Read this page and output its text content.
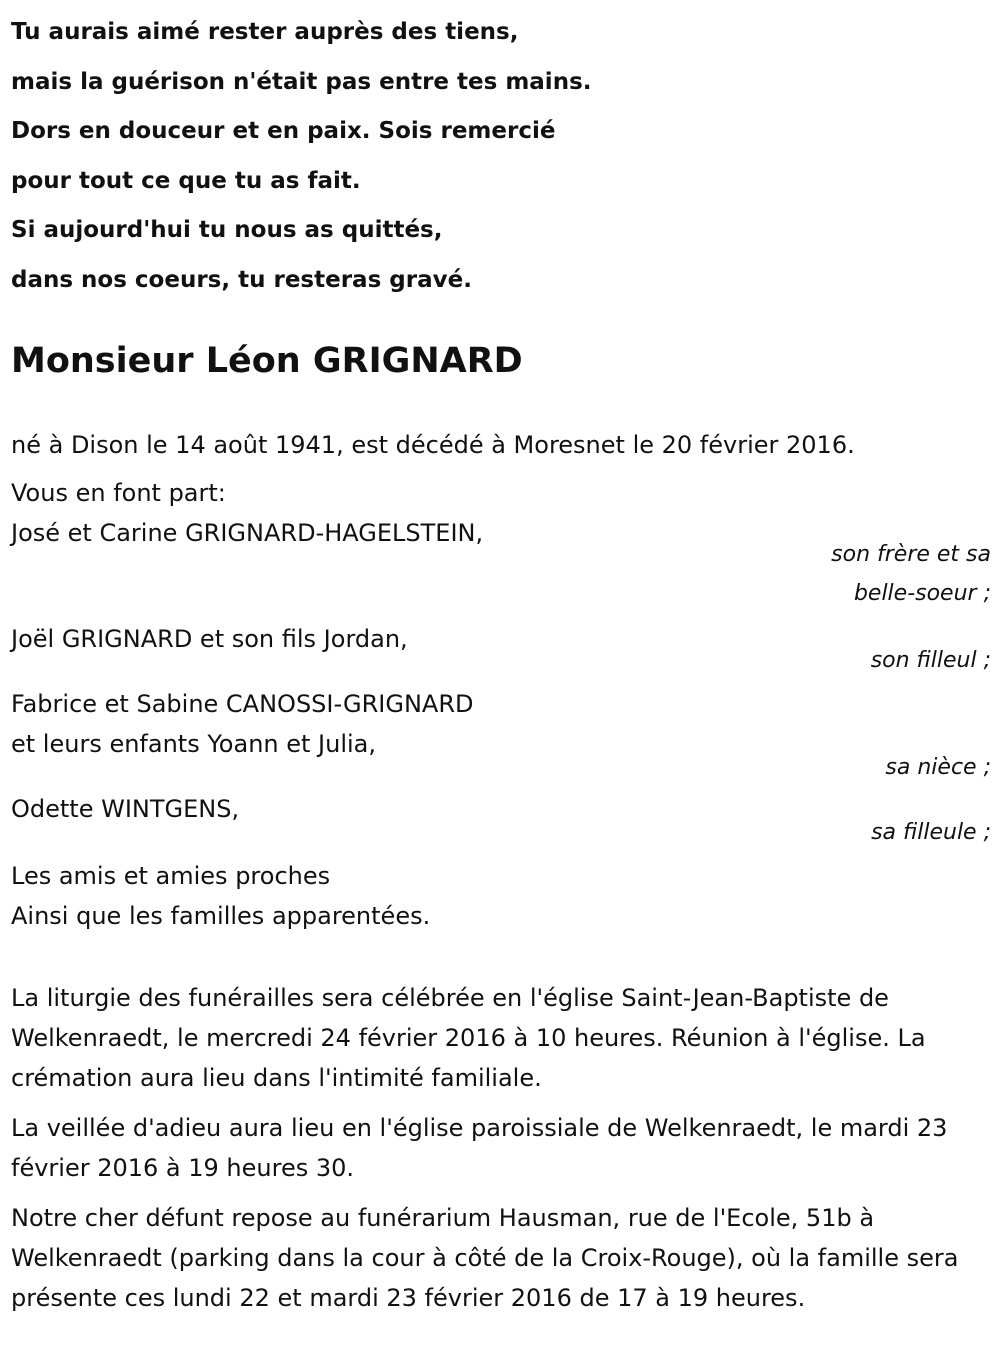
Tu aurais aimé rester auprès des tiens,
mais la guérison n'était pas entre tes mains.
Dors en douceur et en paix. Sois remercié
pour tout ce que tu as fait.
Si aujourd'hui tu nous as quittés,
dans nos coeurs, tu resteras gravé.
Monsieur Léon GRIGNARD
né à Dison le 14 août 1941, est décédé à Moresnet le 20 février 2016.
Vous en font part:
José et Carine GRIGNARD-HAGELSTEIN,
son frère et sa
belle-soeur ;
Joël GRIGNARD et son fils Jordan,
son filleul ;
Fabrice et Sabine CANOSSI-GRIGNARD
et leurs enfants Yoann et Julia,
sa nièce ;
Odette WINTGENS,
sa filleule ;
Les amis et amies proches
Ainsi que les familles apparentées.

La liturgie des funérailles sera célébrée en l'église Saint-Jean-Baptiste de Welkenraedt, le mercredi 24 février 2016 à 10 heures. Réunion à l'église. La crémation aura lieu dans l'intimité familiale.

La veillée d'adieu aura lieu en l'église paroissiale de Welkenraedt, le mardi 23 février 2016 à 19 heures 30.

Notre cher défunt repose au funérarium Hausman, rue de l'Ecole, 51b à Welkenraedt (parking dans la cour à côté de la Croix-Rouge), où la famille sera présente ces lundi 22 et mardi 23 février 2016 de 17 à 19 heures.
